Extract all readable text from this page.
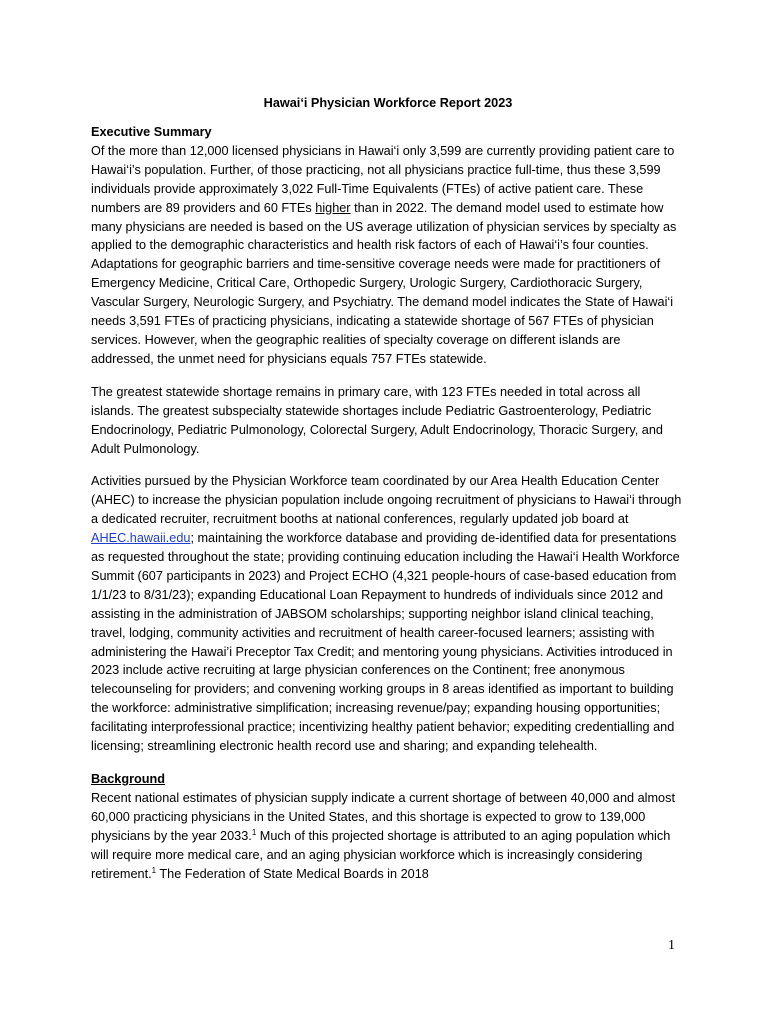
Hawai‘i Physician Workforce Report 2023

Executive Summary

Of the more than 12,000 licensed physicians in Hawai‘i only 3,599 are currently providing patient care to Hawai‘i’s population. Further, of those practicing, not all physicians practice full-time, thus these 3,599 individuals provide approximately 3,022 Full-Time Equivalents (FTEs) of active patient care. These numbers are 89 providers and 60 FTEs higher than in 2022. The demand model used to estimate how many physicians are needed is based on the US average utilization of physician services by specialty as applied to the demographic characteristics and health risk factors of each of Hawai‘i’s four counties. Adaptations for geographic barriers and time-sensitive coverage needs were made for practitioners of Emergency Medicine, Critical Care, Orthopedic Surgery, Urologic Surgery, Cardiothoracic Surgery, Vascular Surgery, Neurologic Surgery, and Psychiatry. The demand model indicates the State of Hawai‘i needs 3,591 FTEs of practicing physicians, indicating a statewide shortage of 567 FTEs of physician services. However, when the geographic realities of specialty coverage on different islands are addressed, the unmet need for physicians equals 757 FTEs statewide.

The greatest statewide shortage remains in primary care, with 123 FTEs needed in total across all islands. The greatest subspecialty statewide shortages include Pediatric Gastroenterology, Pediatric Endocrinology, Pediatric Pulmonology, Colorectal Surgery, Adult Endocrinology, Thoracic Surgery, and Adult Pulmonology.

Activities pursued by the Physician Workforce team coordinated by our Area Health Education Center (AHEC) to increase the physician population include ongoing recruitment of physicians to Hawai‘i through a dedicated recruiter, recruitment booths at national conferences, regularly updated job board at AHEC.hawaii.edu; maintaining the workforce database and providing de-identified data for presentations as requested throughout the state; providing continuing education including the Hawai‘i Health Workforce Summit (607 participants in 2023) and Project ECHO (4,321 people-hours of case-based education from 1/1/23 to 8/31/23); expanding Educational Loan Repayment to hundreds of individuals since 2012 and assisting in the administration of JABSOM scholarships; supporting neighbor island clinical teaching, travel, lodging, community activities and recruitment of health career-focused learners; assisting with administering the Hawai’i Preceptor Tax Credit; and mentoring young physicians. Activities introduced in 2023 include active recruiting at large physician conferences on the Continent; free anonymous telecounseling for providers; and convening working groups in 8 areas identified as important to building the workforce: administrative simplification; increasing revenue/pay; expanding housing opportunities; facilitating interprofessional practice; incentivizing healthy patient behavior; expediting credentialling and licensing; streamlining electronic health record use and sharing; and expanding telehealth.

Background

Recent national estimates of physician supply indicate a current shortage of between 40,000 and almost 60,000 practicing physicians in the United States, and this shortage is expected to grow to 139,000 physicians by the year 2033.$^1$ Much of this projected shortage is attributed to an aging population which will require more medical care, and an aging physician workforce which is increasingly considering retirement.$^1$ The Federation of State Medical Boards in 2018

1
